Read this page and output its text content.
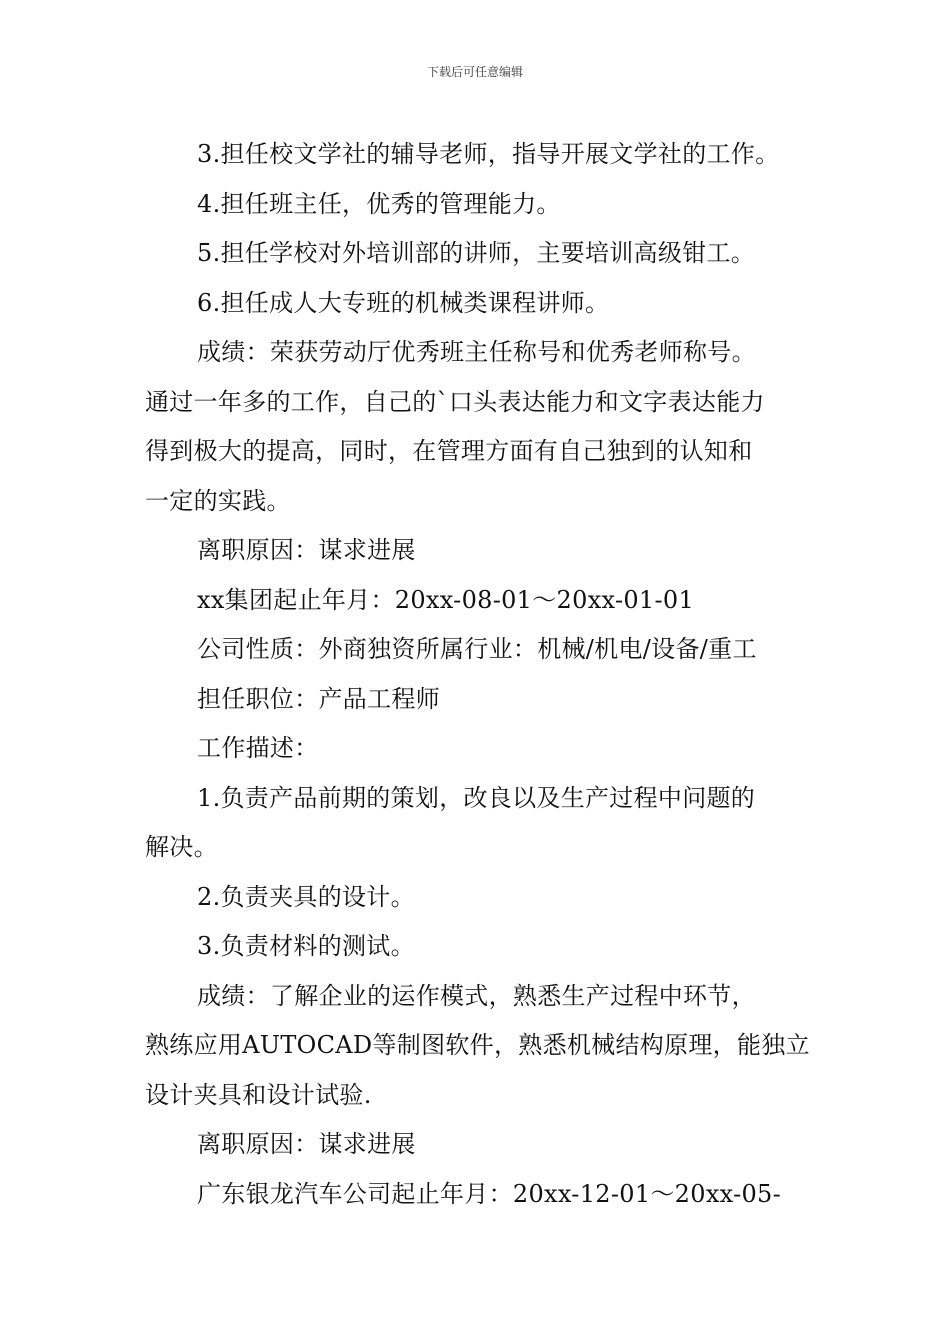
下载后可任意编辑

3.担任校文学社的辅导老师，指导开展文学社的工作。

4.担任班主任，优秀的管理能力。

5.担任学校对外培训部的讲师，主要培训高级钳工。

6.担任成人大专班的机械类课程讲师。

成绩：荣获劳动厅优秀班主任称号和优秀老师称号。

通过一年多的工作，自己的`口头表达能力和文字表达能力

得到极大的提高，同时，在管理方面有自己独到的认知和

一定的实践。

离职原因：谋求进展

xx集团起止年月：20xx-08-01～20xx-01-01

公司性质：外商独资所属行业：机械/机电/设备/重工

担任职位：产品工程师

工作描述：

1.负责产品前期的策划，改良以及生产过程中问题的

解决。

2.负责夹具的设计。

3.负责材料的测试。

成绩：了解企业的运作模式，熟悉生产过程中环节，

熟练应用AUTOCAD等制图软件，熟悉机械结构原理，能独立

设计夹具和设计试验.

离职原因：谋求进展

广东银龙汽车公司起止年月：20xx-12-01～20xx-05-
